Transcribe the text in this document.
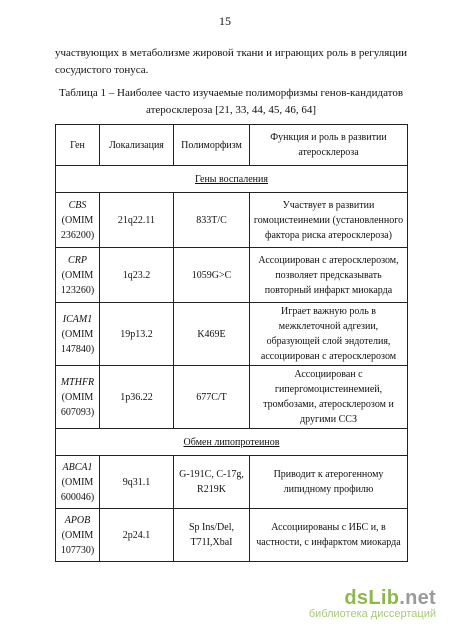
15
участвующих в метаболизме жировой ткани и играющих роль в регуляции
сосудистого тонуса.
Таблица 1 – Наиболее часто изучаемые полиморфизмы генов-кандидатов
атеросклероза [21, 33, 44, 45, 46, 64]
Ген	Локализация	Полиморфизм	Функция и роль в развитии атеросклероза
Гены воспаления			

CBS
(OMIM
236200)	21q22.11	833T/C	Участвует в развитии гомоцистеинемии (установленного фактора риска атеросклероза)

CRP
(OMIM
123260)	1q23.2	1059G>C	Ассоциирован с атеросклерозом, позволяет предсказывать повторный инфаркт миокарда

ICAM1
(OMIM
147840)	19p13.2	K469E	Играет важную роль в межклеточной адгезии, образующей слой эндотелия, ассоциирован с атеросклерозом

MTHFR
(OMIM
607093)	1p36.22	677C/T	Ассоциирован с гипергомоцистеинемией, тромбозами, атеросклерозом и другими ССЗ
Обмен липопротеинов			

ABCA1
(OMIM
600046)	9q31.1	G-191C, C-17g, R219K	Приводит к атерогенному липидному профилю

APOB
(OMIM
107730)	2p24.1	Sp Ins/Del, T71I,XbaI	Ассоциированы с ИБС и, в частности, с инфарктом миокарда
dsLib.net
библиотека диссертаций
